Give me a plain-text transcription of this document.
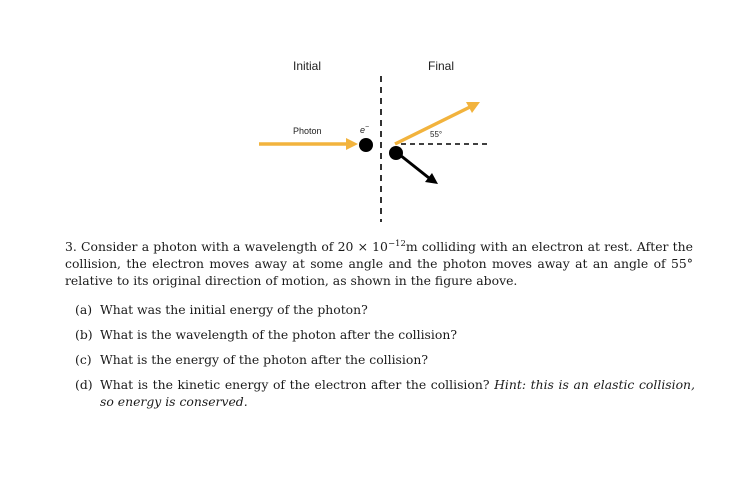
Initial	Final
Photon	e−
55°
3. Consider a photon with a wavelength of $20 \times 10^{-12}m$ colliding with an electron at rest. After the collision, the electron moves away at some angle and the photon moves away at an angle of 55° relative to its original direction of motion, as shown in the figure above.
(a) What was the initial energy of the photon?
(b) What is the wavelength of the photon after the collision?
(c) What is the energy of the photon after the collision?
(d) What is the kinetic energy of the electron after the collision? Hint: this is an elastic collision, so energy is conserved.
